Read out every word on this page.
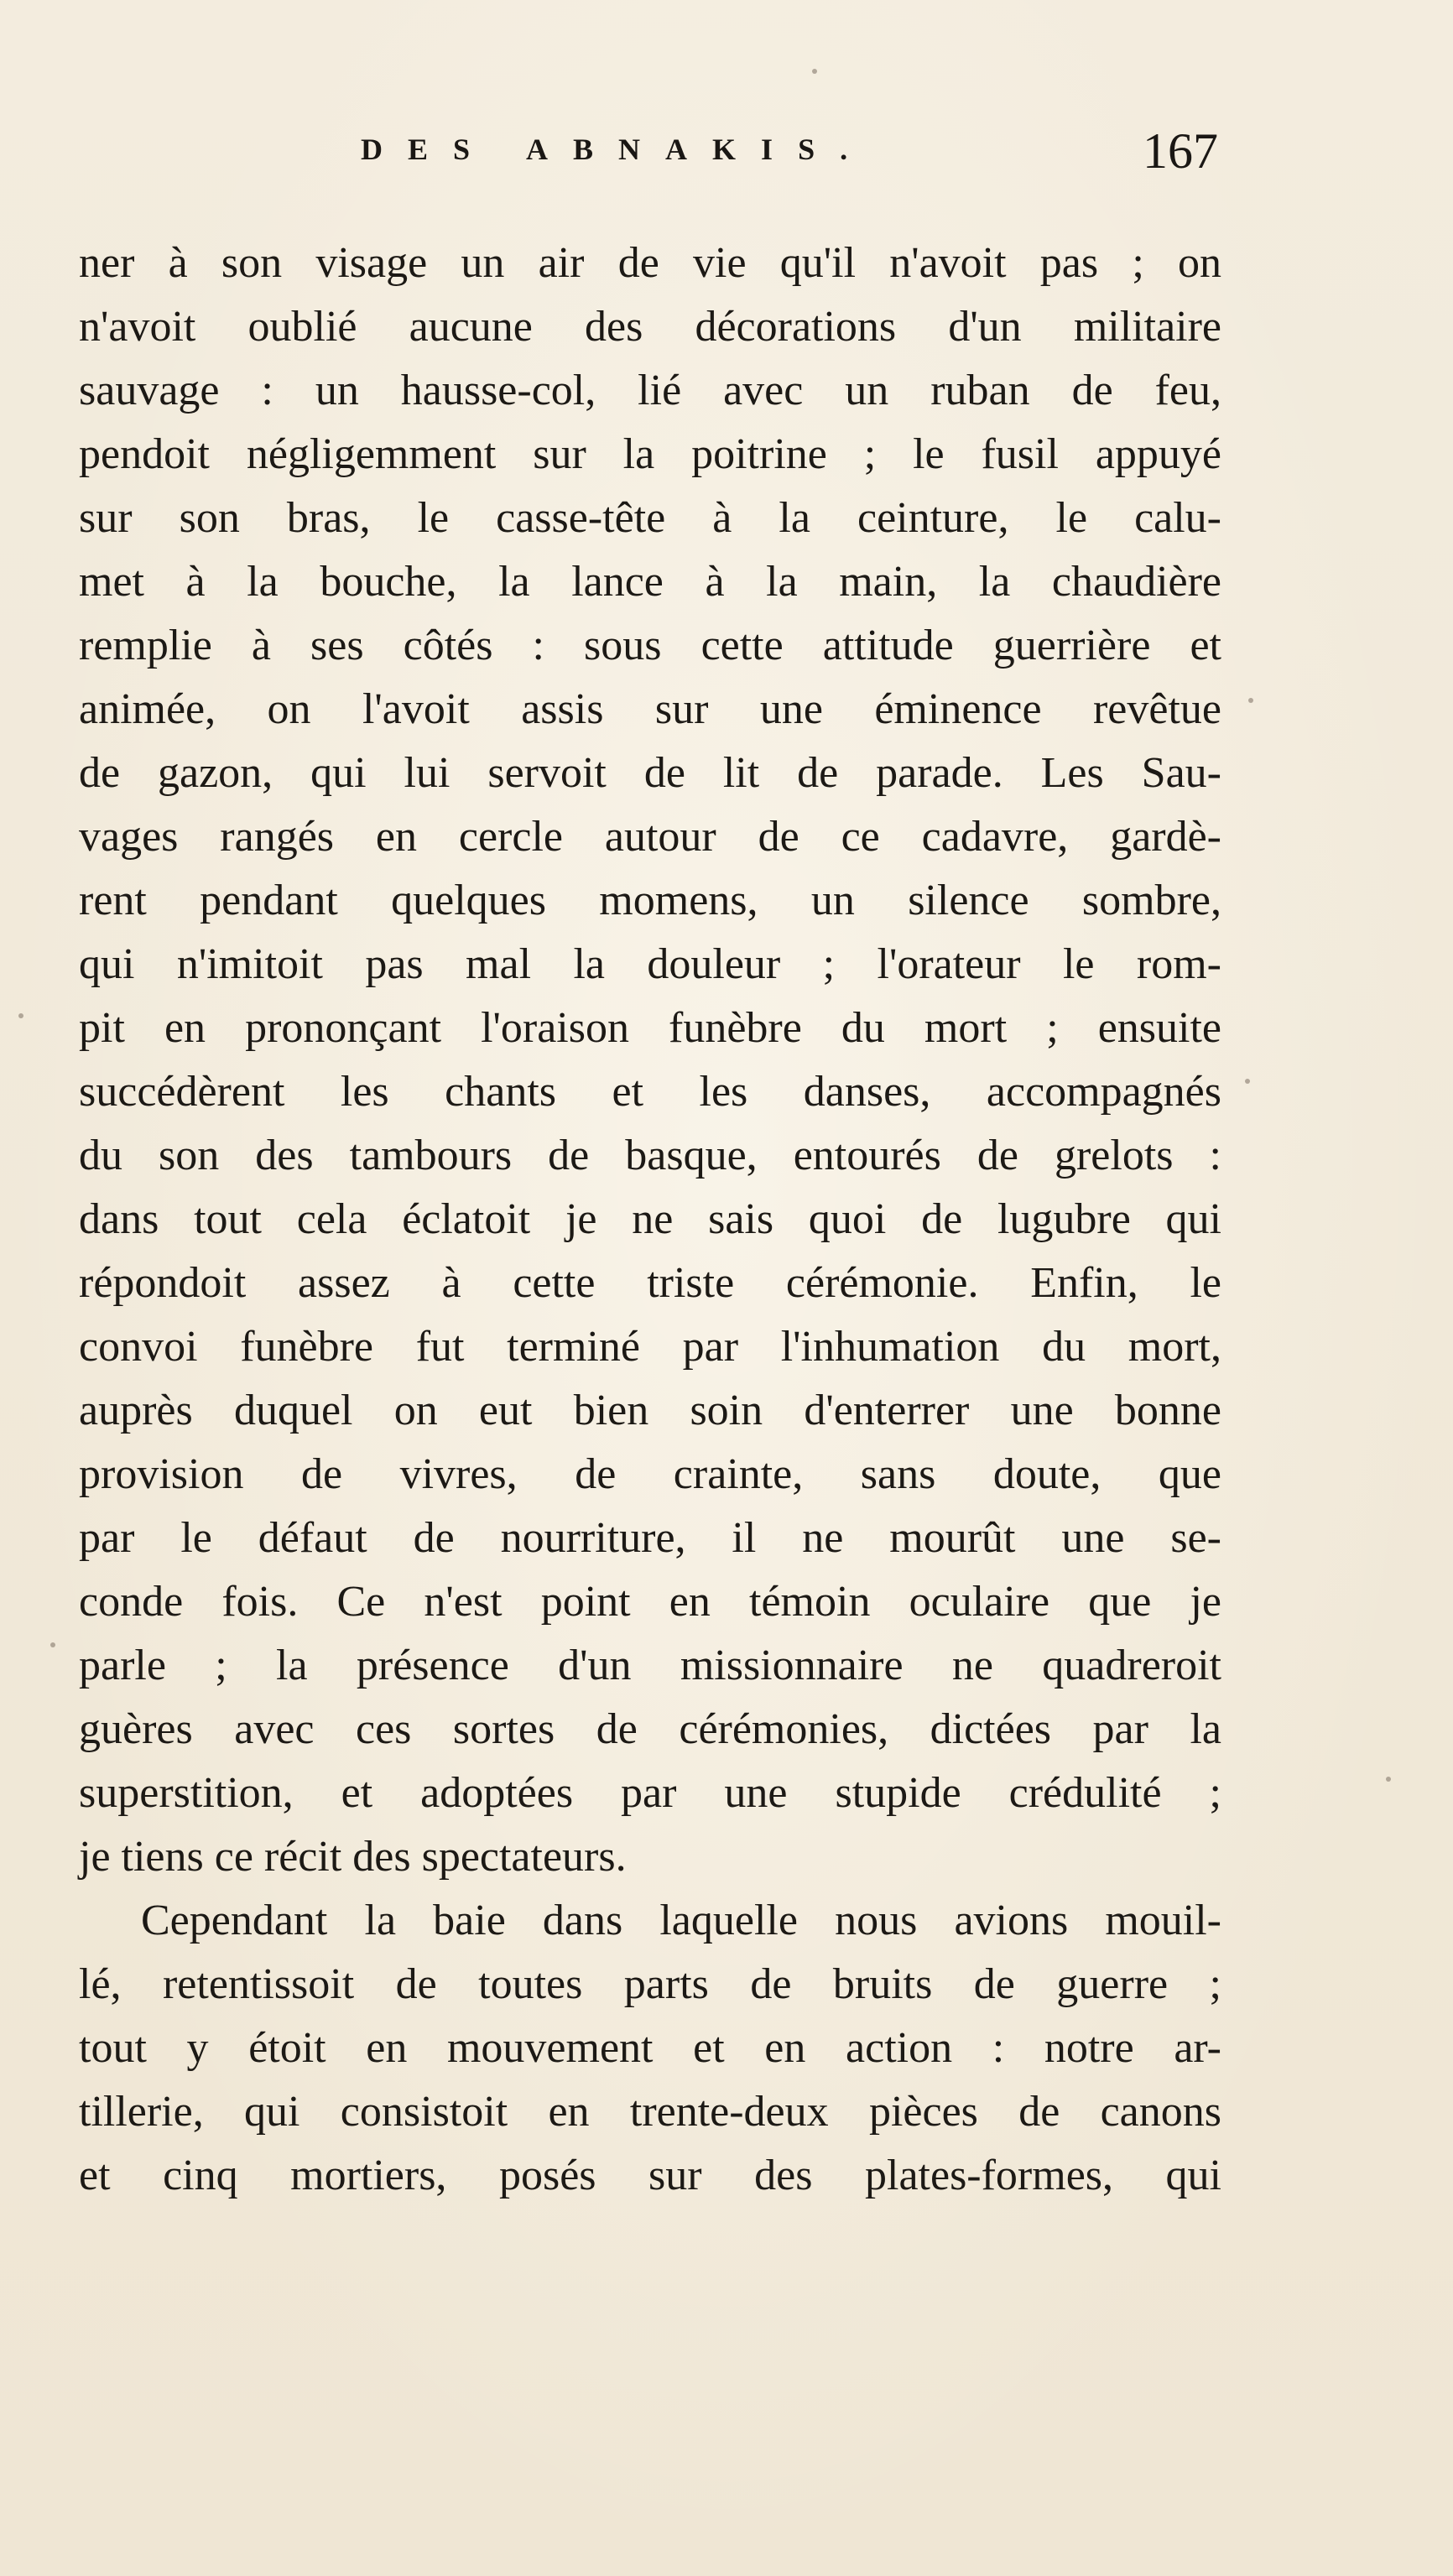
DES ABNAKIS.	167
ner à son visage un air de vie qu'il n'avoit pas ; on
n'avoit oublié aucune des décorations d'un militaire
sauvage : un hausse-col, lié avec un ruban de feu,
pendoit négligemment sur la poitrine ; le fusil appuyé
sur son bras, le casse-tête à la ceinture, le calu-
met à la bouche, la lance à la main, la chaudière
remplie à ses côtés : sous cette attitude guerrière et
animée, on l'avoit assis sur une éminence revêtue
de gazon, qui lui servoit de lit de parade. Les Sau-
vages rangés en cercle autour de ce cadavre, gardè-
rent pendant quelques momens, un silence sombre,
qui n'imitoit pas mal la douleur ; l'orateur le rom-
pit en prononçant l'oraison funèbre du mort ; ensuite
succédèrent les chants et les danses, accompagnés
du son des tambours de basque, entourés de grelots :
dans tout cela éclatoit je ne sais quoi de lugubre qui
répondoit assez à cette triste cérémonie. Enfin, le
convoi funèbre fut terminé par l'inhumation du mort,
auprès duquel on eut bien soin d'enterrer une bonne
provision de vivres, de crainte, sans doute, que
par le défaut de nourriture, il ne mourût une se-
conde fois. Ce n'est point en témoin oculaire que je
parle ; la présence d'un missionnaire ne quadreroit
guères avec ces sortes de cérémonies, dictées par la
superstition, et adoptées par une stupide crédulité ;
je tiens ce récit des spectateurs.
Cependant la baie dans laquelle nous avions mouil-
lé, retentissoit de toutes parts de bruits de guerre ;
tout y étoit en mouvement et en action : notre ar-
tillerie, qui consistoit en trente-deux pièces de canons
et cinq mortiers, posés sur des plates-formes, qui
